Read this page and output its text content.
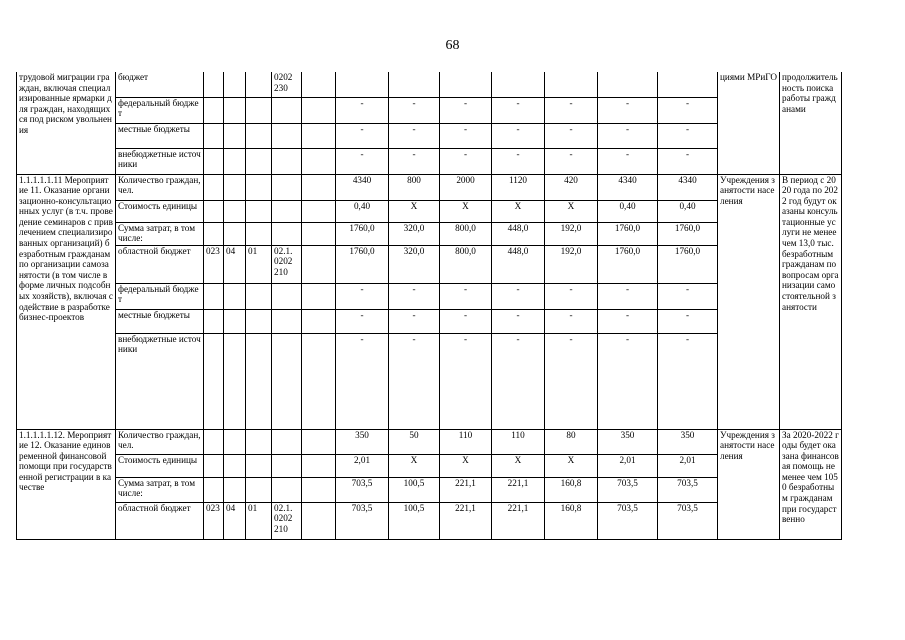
68
трудовой миграции граждан, включая специализированные ярмарки для граждан, находящихся под риском увольнения	бюджет				0202 230									циями МРиГО	продолжительность поиска работы гражданами
	федеральный бюджет						-	-	-	-	-	-	-		
	местные бюджеты						-	-	-	-	-	-	-		
	внебюджетные источники						-	-	-	-	-	-	-		
1.1.1.1.1.11 Мероприятие 11. Оказание организационно-консультационных услуг (в т.ч. проведение семинаров с привлечением специализированных организаций) безработным гражданам по организации самозанятости (в том числе в форме личных подсобных хозяйств), включая содействие в разработке бизнес-проектов	Количество граждан, чел.						4340	800	2000	1120	420	4340	4340	Учреждения занятости населения	В период с 2020 года по 2022 год будут оказаны консультационные услуги не менее чем 13,0 тыс. безработным гражданам по вопросам организации самостоятельной занятости
	Стоимость единицы						0,40	X	X	X	X	0,40	0,40		
	Сумма затрат, в том числе:						1760,0	320,0	800,0	448,0	192,0	1760,0	1760,0		
	областной бюджет	023	04	01	02.1. 0202 210		1760,0	320,0	800,0	448,0	192,0	1760,0	1760,0		
	федеральный бюджет						-	-	-	-	-	-	-		
	местные бюджеты						-	-	-	-	-	-	-		
	внебюджетные источники						-	-	-	-	-	-	-		
1.1.1.1.1.12. Мероприятие 12. Оказание единовременной финансовой помощи при государственной регистрации в качестве	Количество граждан, чел.						350	50	110	110	80	350	350	Учреждения занятости населения	За 2020-2022 годы будет оказана финансовая помощь не менее чем 1050 безработным гражданам при государственно
	Стоимость единицы						2,01	X	X	X	X	2,01	2,01		
	Сумма затрат, в том числе:						703,5	100,5	221,1	221,1	160,8	703,5	703,5		
	областной бюджет	023	04	01	02.1. 0202 210		703,5	100,5	221,1	221,1	160,8	703,5	703,5		
